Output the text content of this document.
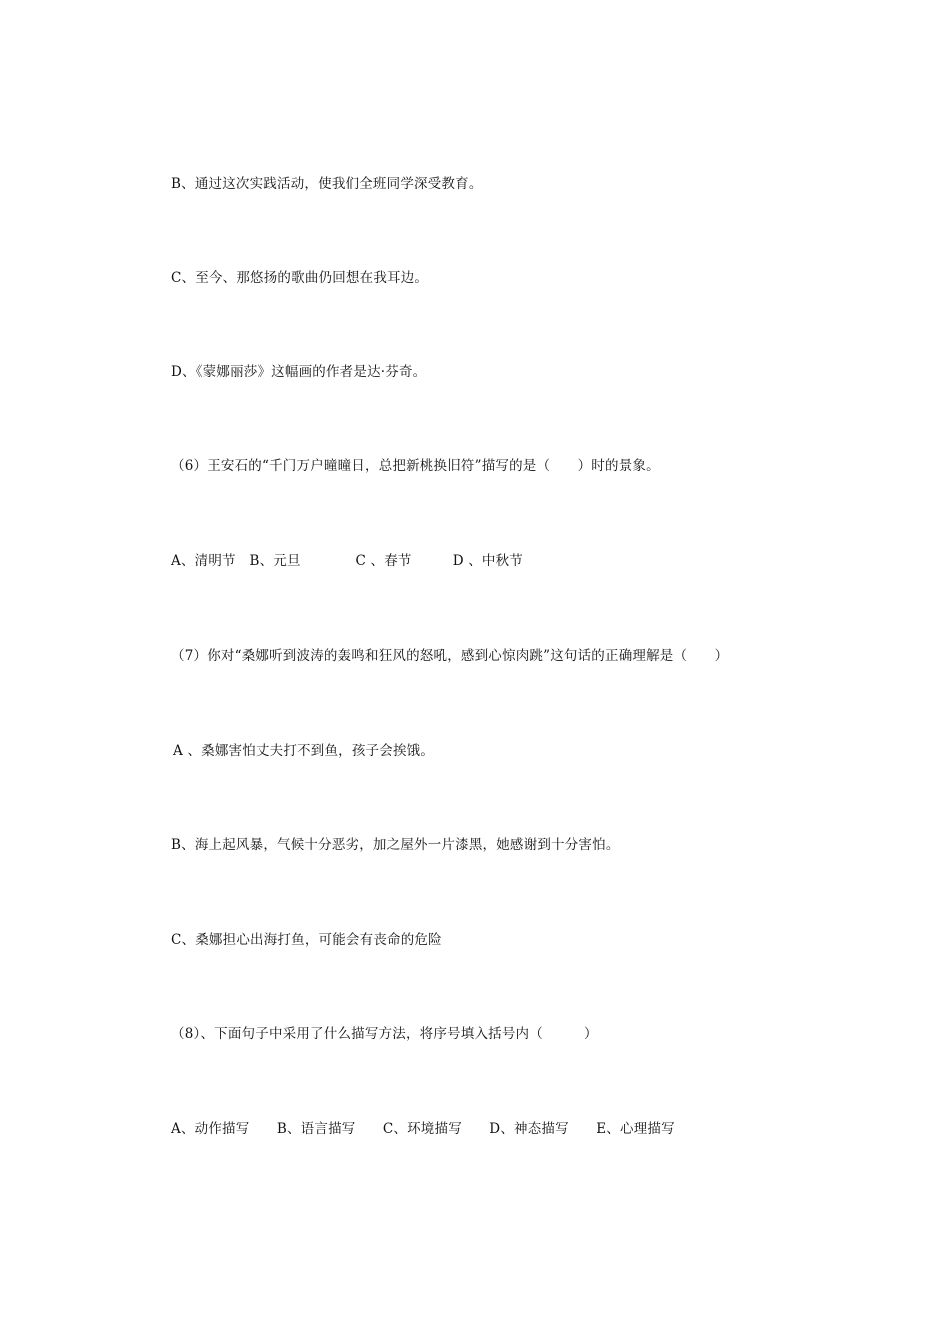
B、通过这次实践活动，使我们全班同学深受教育。
C、至今、那悠扬的歌曲仍回想在我耳边。
D、《蒙娜丽莎》这幅画的作者是达·芬奇。
（6）王安石的“千门万户曈曈日，总把新桃换旧符”描写的是（　　）时的景象。
A、清明节　B、元旦　　　　C 、春节　　　D 、中秋节
（7）你对“桑娜听到波涛的轰鸣和狂风的怒吼，感到心惊肉跳”这句话的正确理解是（　　）
A 、桑娜害怕丈夫打不到鱼，孩子会挨饿。
B、海上起风暴，气候十分恶劣，加之屋外一片漆黑，她感谢到十分害怕。
C、桑娜担心出海打鱼，可能会有丧命的危险
（8）、下面句子中采用了什么描写方法，将序号填入括号内（　　　）
A、动作描写　　B、语言描写　　C、环境描写　　D、神态描写　　E、心理描写
